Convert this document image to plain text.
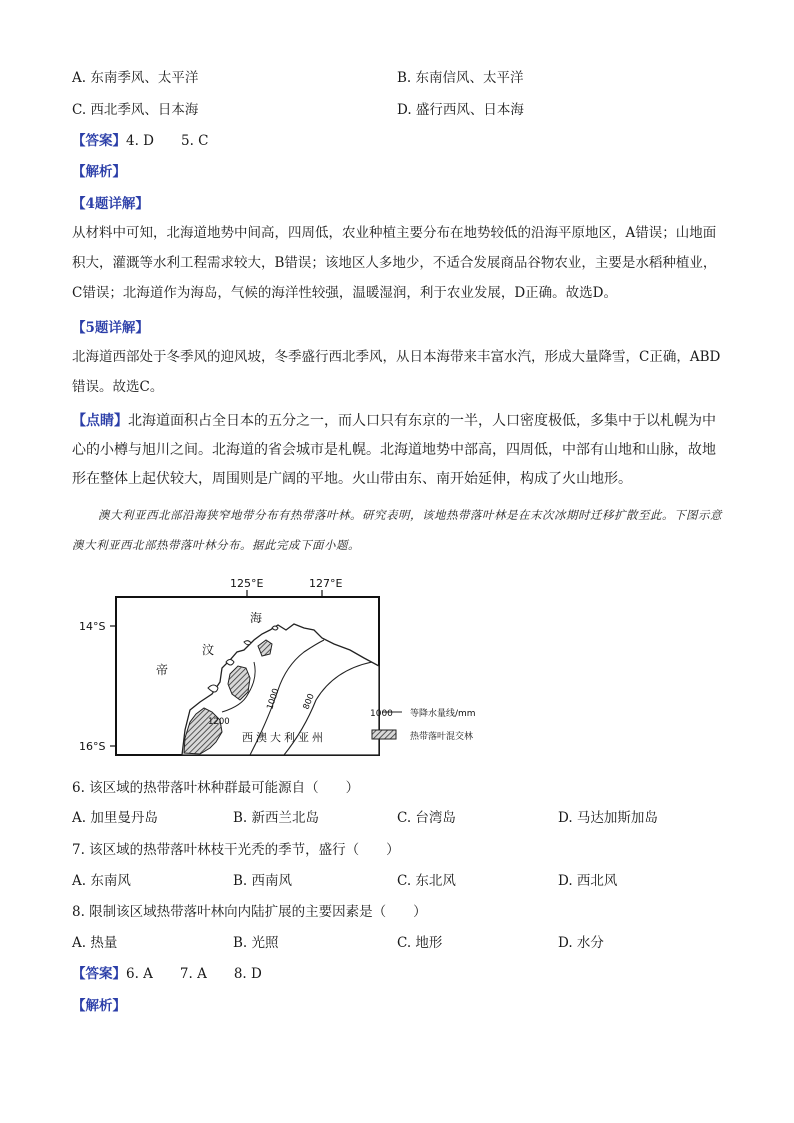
A. 东南季风、太平洋	B. 东南信风、太平洋
C. 西北季风、日本海	D. 盛行西风、日本海
【答案】4. D　　5. C
【解析】
【4题详解】
从材料中可知，北海道地势中间高，四周低，农业种植主要分布在地势较低的沿海平原地区，A错误；山地面积大，灌溉等水利工程需求较大，B错误；该地区人多地少，不适合发展商品谷物农业，主要是水稻种植业，C错误；北海道作为海岛，气候的海洋性较强，温暖湿润，利于农业发展，D正确。故选D。
【5题详解】
北海道西部处于冬季风的迎风坡，冬季盛行西北季风，从日本海带来丰富水汽，形成大量降雪，C正确，ABD错误。故选C。
【点睛】北海道面积占全日本的五分之一，而人口只有东京的一半，人口密度极低，多集中于以札幌为中心的小樽与旭川之间。北海道的省会城市是札幌。北海道地势中部高，四周低，中部有山地和山脉，故地形在整体上起伏较大，周围则是广阔的平地。火山带由东、南开始延伸，构成了火山地形。
澳大利亚西北部沿海狭窄地带分布有热带落叶林。研究表明，该地热带落叶林是在末次冰期时迁移扩散至此。下图示意澳大利亚西北部热带落叶林分布。据此完成下面小题。
125°E	127°E
14°S
16°S
1200
1000 800
海
汶
帝
西澳大利亚州
1000 等降水量线/mm
热带落叶混交林
6. 该区域的热带落叶林种群最可能源自（　　）
A. 加里曼丹岛	B. 新西兰北岛	C. 台湾岛	D. 马达加斯加岛
7. 该区域的热带落叶林枝干光秃的季节，盛行（　　）
A. 东南风	B. 西南风	C. 东北风	D. 西北风
8. 限制该区域热带落叶林向内陆扩展的主要因素是（　　）
A. 热量	B. 光照	C. 地形	D. 水分
【答案】6. A　　7. A　　8. D
【解析】
